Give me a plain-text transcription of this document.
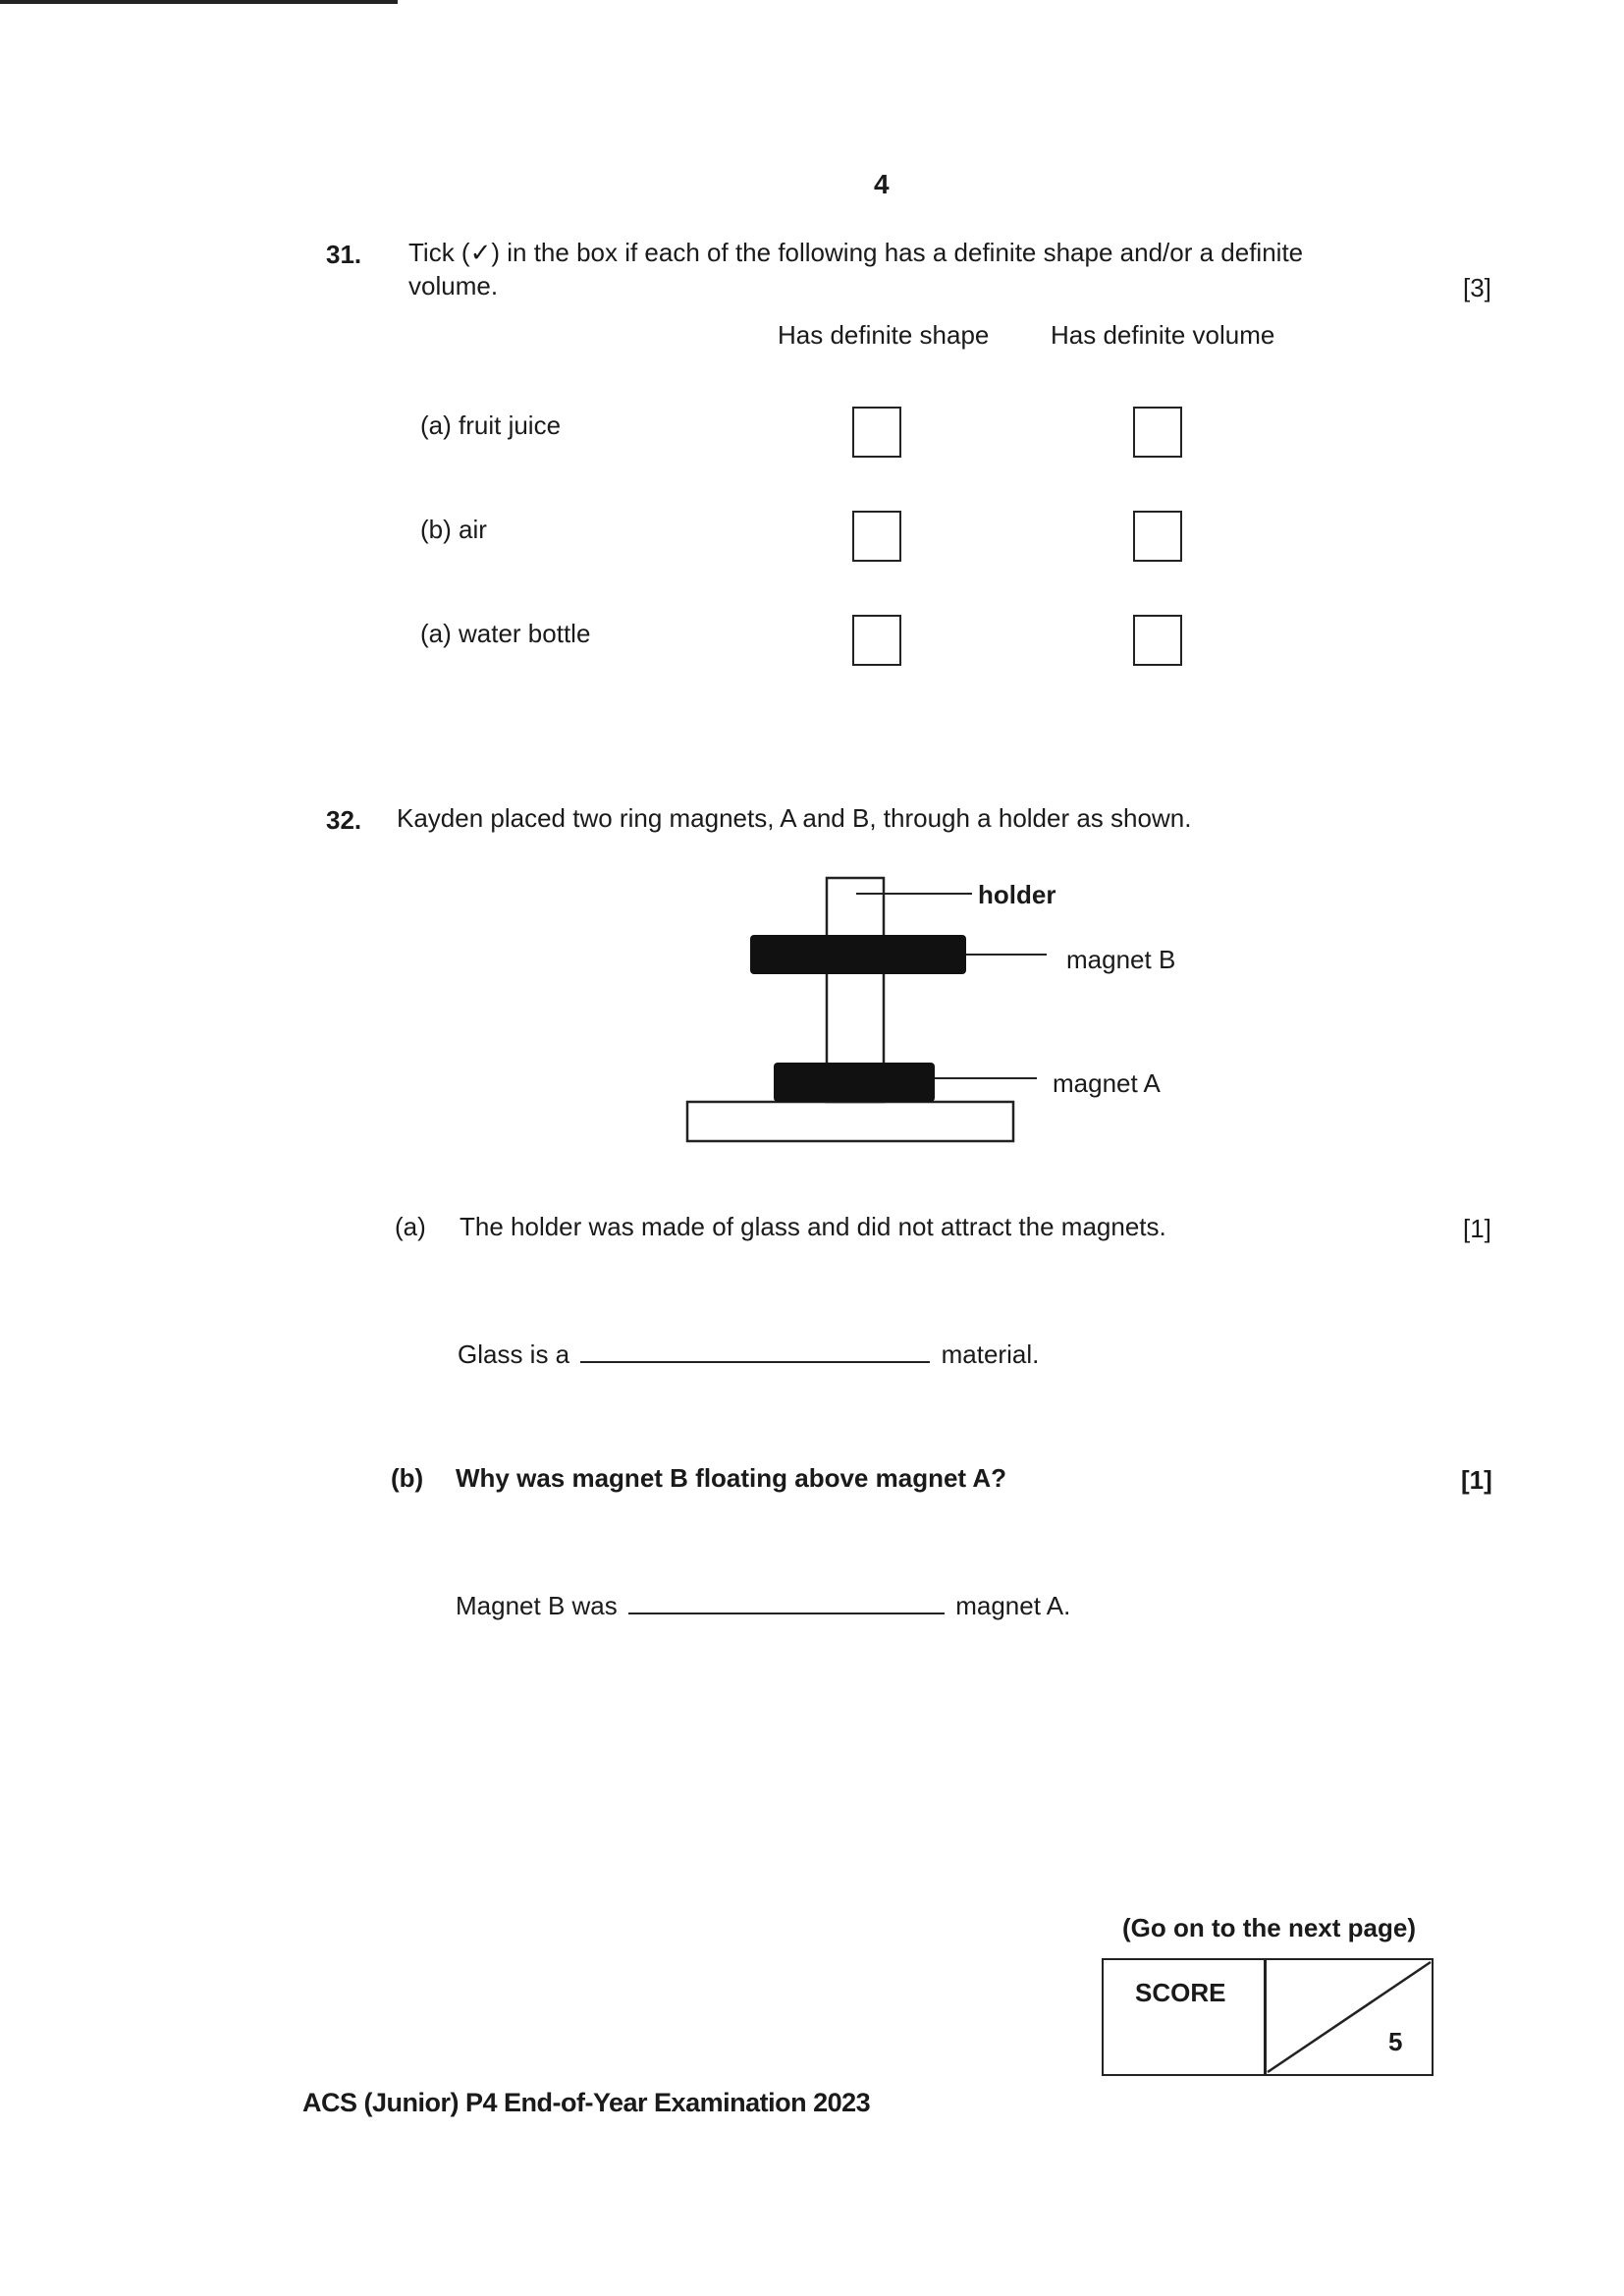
4
31. Tick (✓) in the box if each of the following has a definite shape and/or a definite
volume.	[3]
Has definite shape Has definite volume
(a) fruit juice
(b) air
(a) water bottle
32. Kayden placed two ring magnets, A and B, through a holder as shown.
holder
magnet B
magnet A
(a) The holder was made of glass and did not attract the magnets.	[1]
Glass is a	material.
(b) Why was magnet B floating above magnet A?	[1]
Magnet B was	magnet A.
(Go on to the next page)
SCORE
5
ACS (Junior) P4 End-of-Year Examination 2023
